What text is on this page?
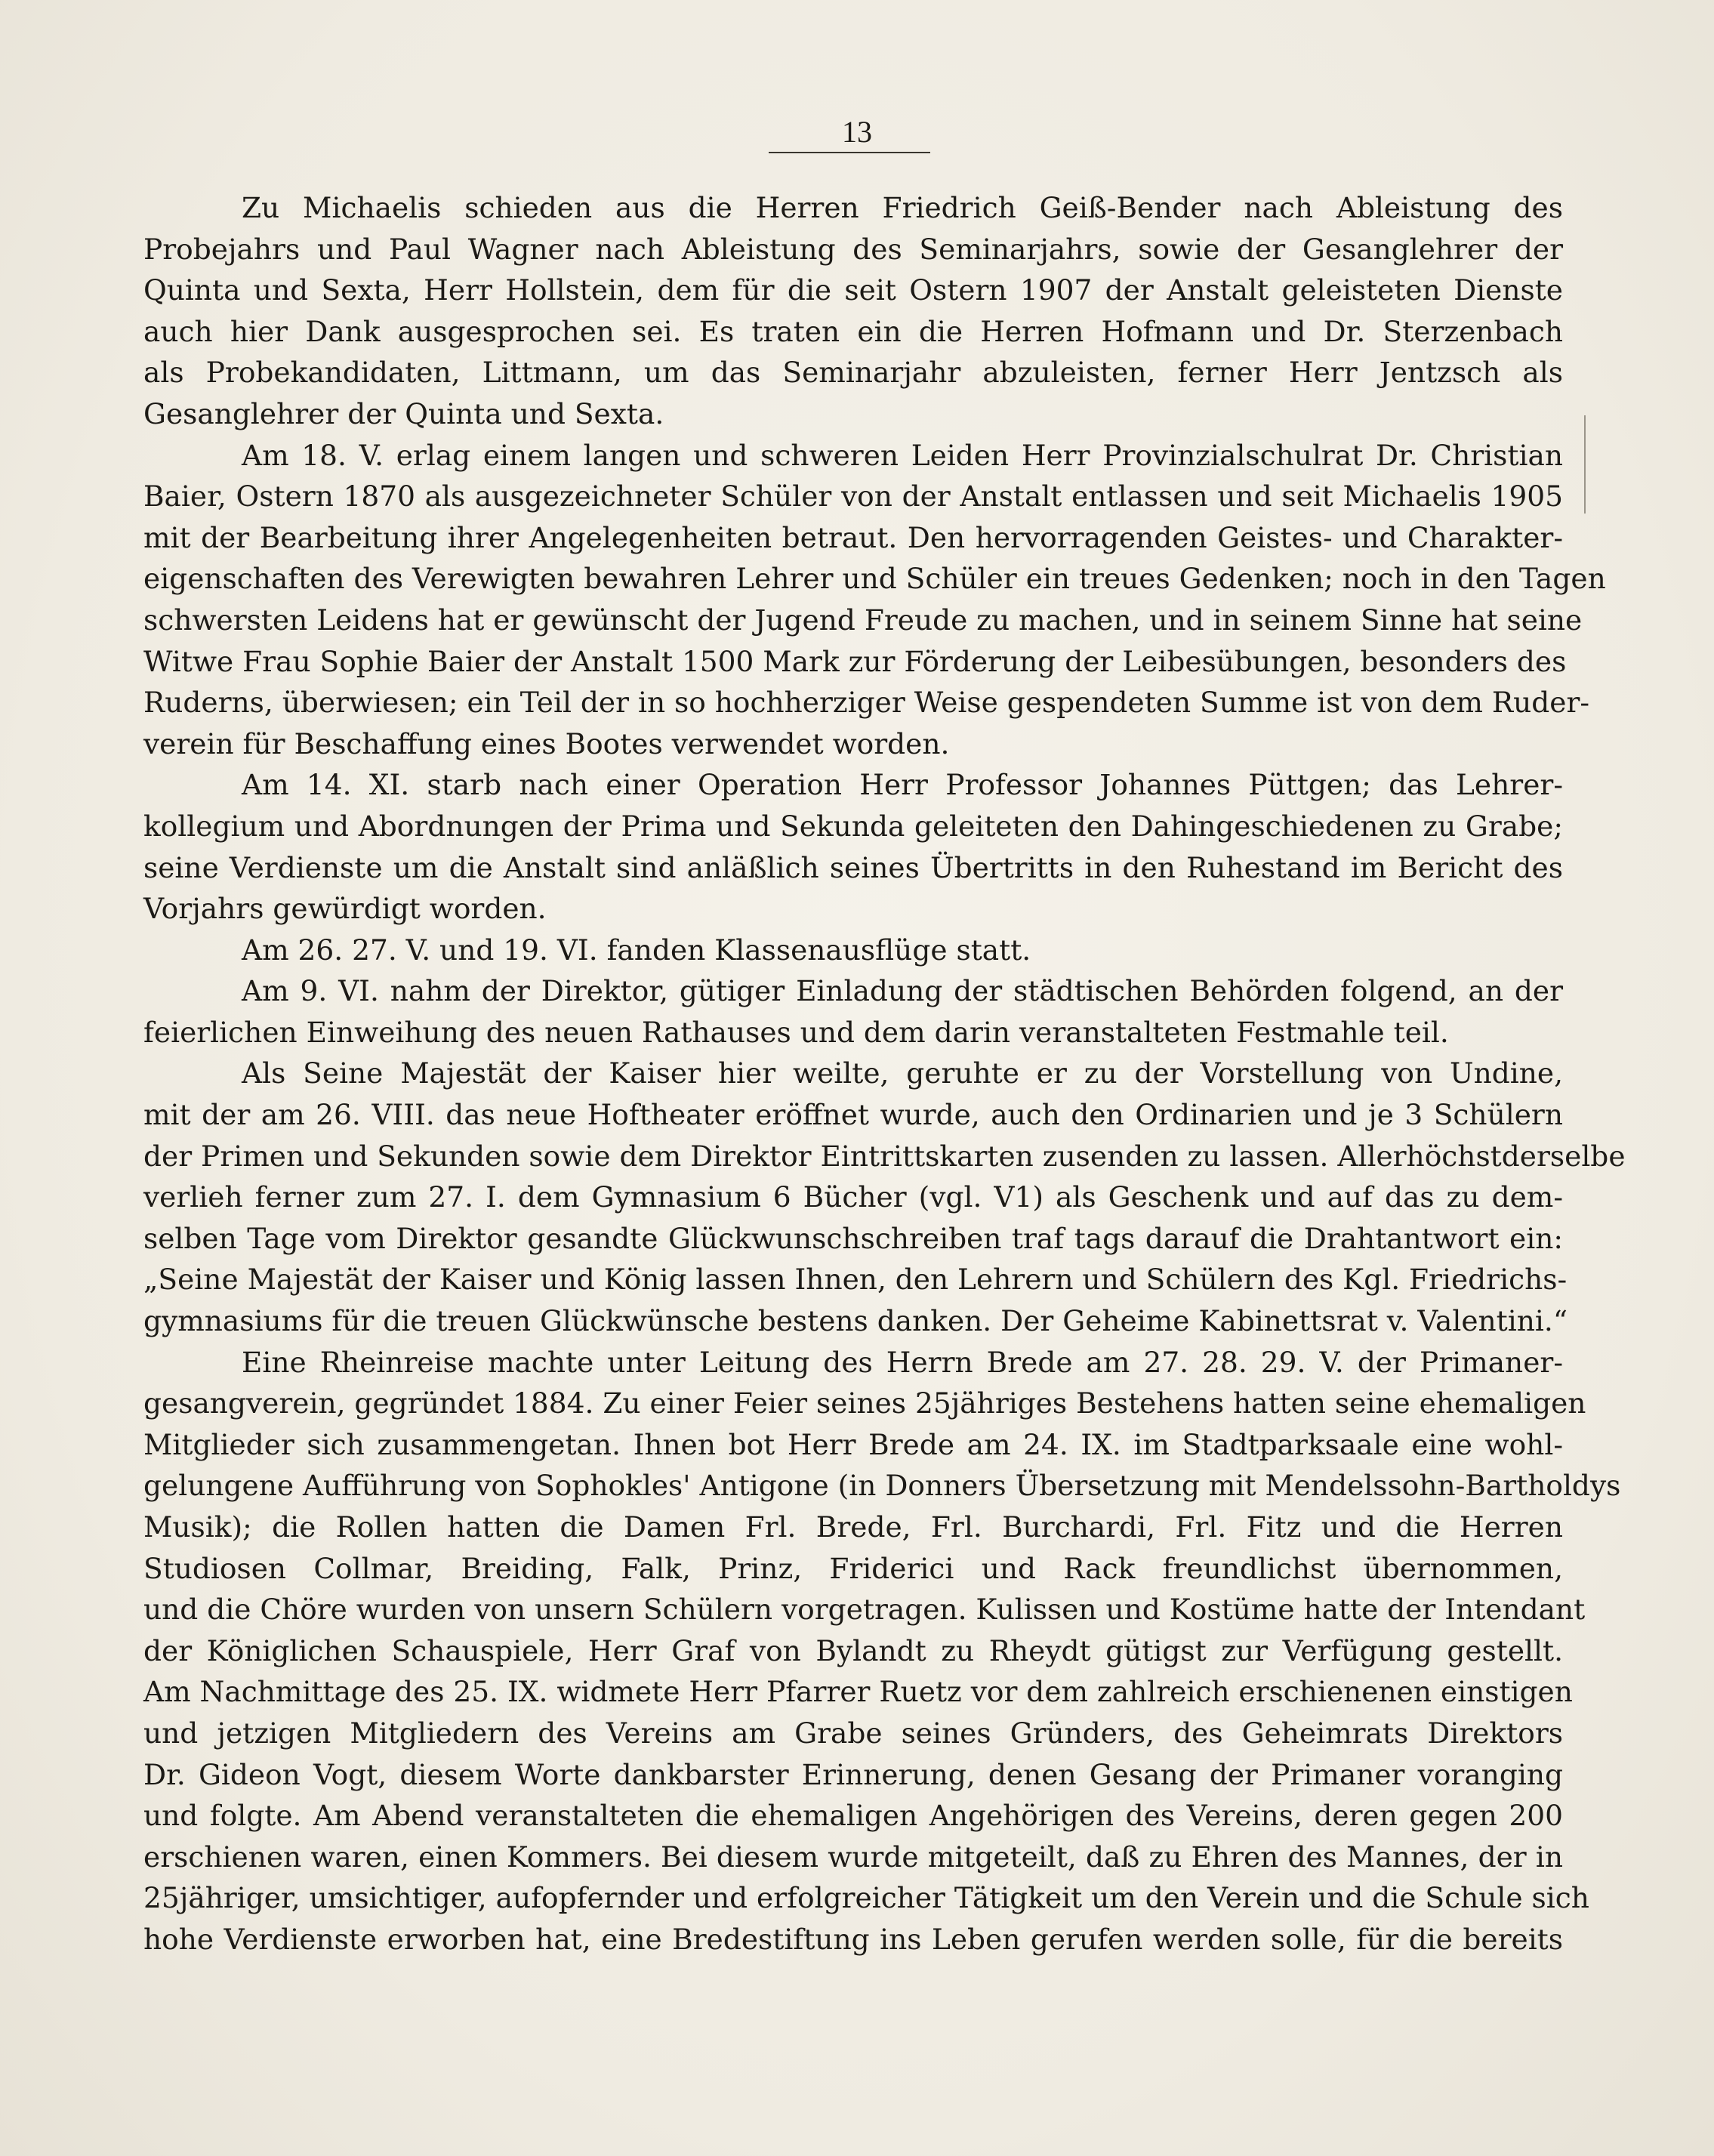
13
Zu Michaelis schieden aus die Herren Friedrich Geiß-Bender nach Ableistung des
Probejahrs und Paul Wagner nach Ableistung des Seminarjahrs, sowie der Gesanglehrer der
Quinta und Sexta, Herr Hollstein, dem für die seit Ostern 1907 der Anstalt geleisteten Dienste
auch hier Dank ausgesprochen sei. Es traten ein die Herren Hofmann und Dr. Sterzenbach
als Probekandidaten, Littmann, um das Seminarjahr abzuleisten, ferner Herr Jentzsch als
Gesanglehrer der Quinta und Sexta.
Am 18. V. erlag einem langen und schweren Leiden Herr Provinzialschulrat Dr. Christian
Baier, Ostern 1870 als ausgezeichneter Schüler von der Anstalt entlassen und seit Michaelis 1905
mit der Bearbeitung ihrer Angelegenheiten betraut. Den hervorragenden Geistes- und Charakter-
eigenschaften des Verewigten bewahren Lehrer und Schüler ein treues Gedenken; noch in den Tagen
schwersten Leidens hat er gewünscht der Jugend Freude zu machen, und in seinem Sinne hat seine
Witwe Frau Sophie Baier der Anstalt 1500 Mark zur Förderung der Leibesübungen, besonders des
Ruderns, überwiesen; ein Teil der in so hochherziger Weise gespendeten Summe ist von dem Ruder-
verein für Beschaffung eines Bootes verwendet worden.
Am 14. XI. starb nach einer Operation Herr Professor Johannes Püttgen; das Lehrer-
kollegium und Abordnungen der Prima und Sekunda geleiteten den Dahingeschiedenen zu Grabe;
seine Verdienste um die Anstalt sind anläßlich seines Übertritts in den Ruhestand im Bericht des
Vorjahrs gewürdigt worden.
Am 26. 27. V. und 19. VI. fanden Klassenausflüge statt.
Am 9. VI. nahm der Direktor, gütiger Einladung der städtischen Behörden folgend, an der
feierlichen Einweihung des neuen Rathauses und dem darin veranstalteten Festmahle teil.
Als Seine Majestät der Kaiser hier weilte, geruhte er zu der Vorstellung von Undine,
mit der am 26. VIII. das neue Hoftheater eröffnet wurde, auch den Ordinarien und je 3 Schülern
der Primen und Sekunden sowie dem Direktor Eintrittskarten zusenden zu lassen. Allerhöchstderselbe
verlieh ferner zum 27. I. dem Gymnasium 6 Bücher (vgl. V1) als Geschenk und auf das zu dem-
selben Tage vom Direktor gesandte Glückwunschschreiben traf tags darauf die Drahtantwort ein:
„Seine Majestät der Kaiser und König lassen Ihnen, den Lehrern und Schülern des Kgl. Friedrichs-
gymnasiums für die treuen Glückwünsche bestens danken. Der Geheime Kabinettsrat v. Valentini.“
Eine Rheinreise machte unter Leitung des Herrn Brede am 27. 28. 29. V. der Primaner-
gesangverein, gegründet 1884. Zu einer Feier seines 25jähriges Bestehens hatten seine ehemaligen
Mitglieder sich zusammengetan. Ihnen bot Herr Brede am 24. IX. im Stadtparksaale eine wohl-
gelungene Aufführung von Sophokles' Antigone (in Donners Übersetzung mit Mendelssohn-Bartholdys
Musik); die Rollen hatten die Damen Frl. Brede, Frl. Burchardi, Frl. Fitz und die Herren
Studiosen Collmar, Breiding, Falk, Prinz, Friderici und Rack freundlichst übernommen,
und die Chöre wurden von unsern Schülern vorgetragen. Kulissen und Kostüme hatte der Intendant
der Königlichen Schauspiele, Herr Graf von Bylandt zu Rheydt gütigst zur Verfügung gestellt.
Am Nachmittage des 25. IX. widmete Herr Pfarrer Ruetz vor dem zahlreich erschienenen einstigen
und jetzigen Mitgliedern des Vereins am Grabe seines Gründers, des Geheimrats Direktors
Dr. Gideon Vogt, diesem Worte dankbarster Erinnerung, denen Gesang der Primaner voranging
und folgte. Am Abend veranstalteten die ehemaligen Angehörigen des Vereins, deren gegen 200
erschienen waren, einen Kommers. Bei diesem wurde mitgeteilt, daß zu Ehren des Mannes, der in
25jähriger, umsichtiger, aufopfernder und erfolgreicher Tätigkeit um den Verein und die Schule sich
hohe Verdienste erworben hat, eine Bredestiftung ins Leben gerufen werden solle, für die bereits
